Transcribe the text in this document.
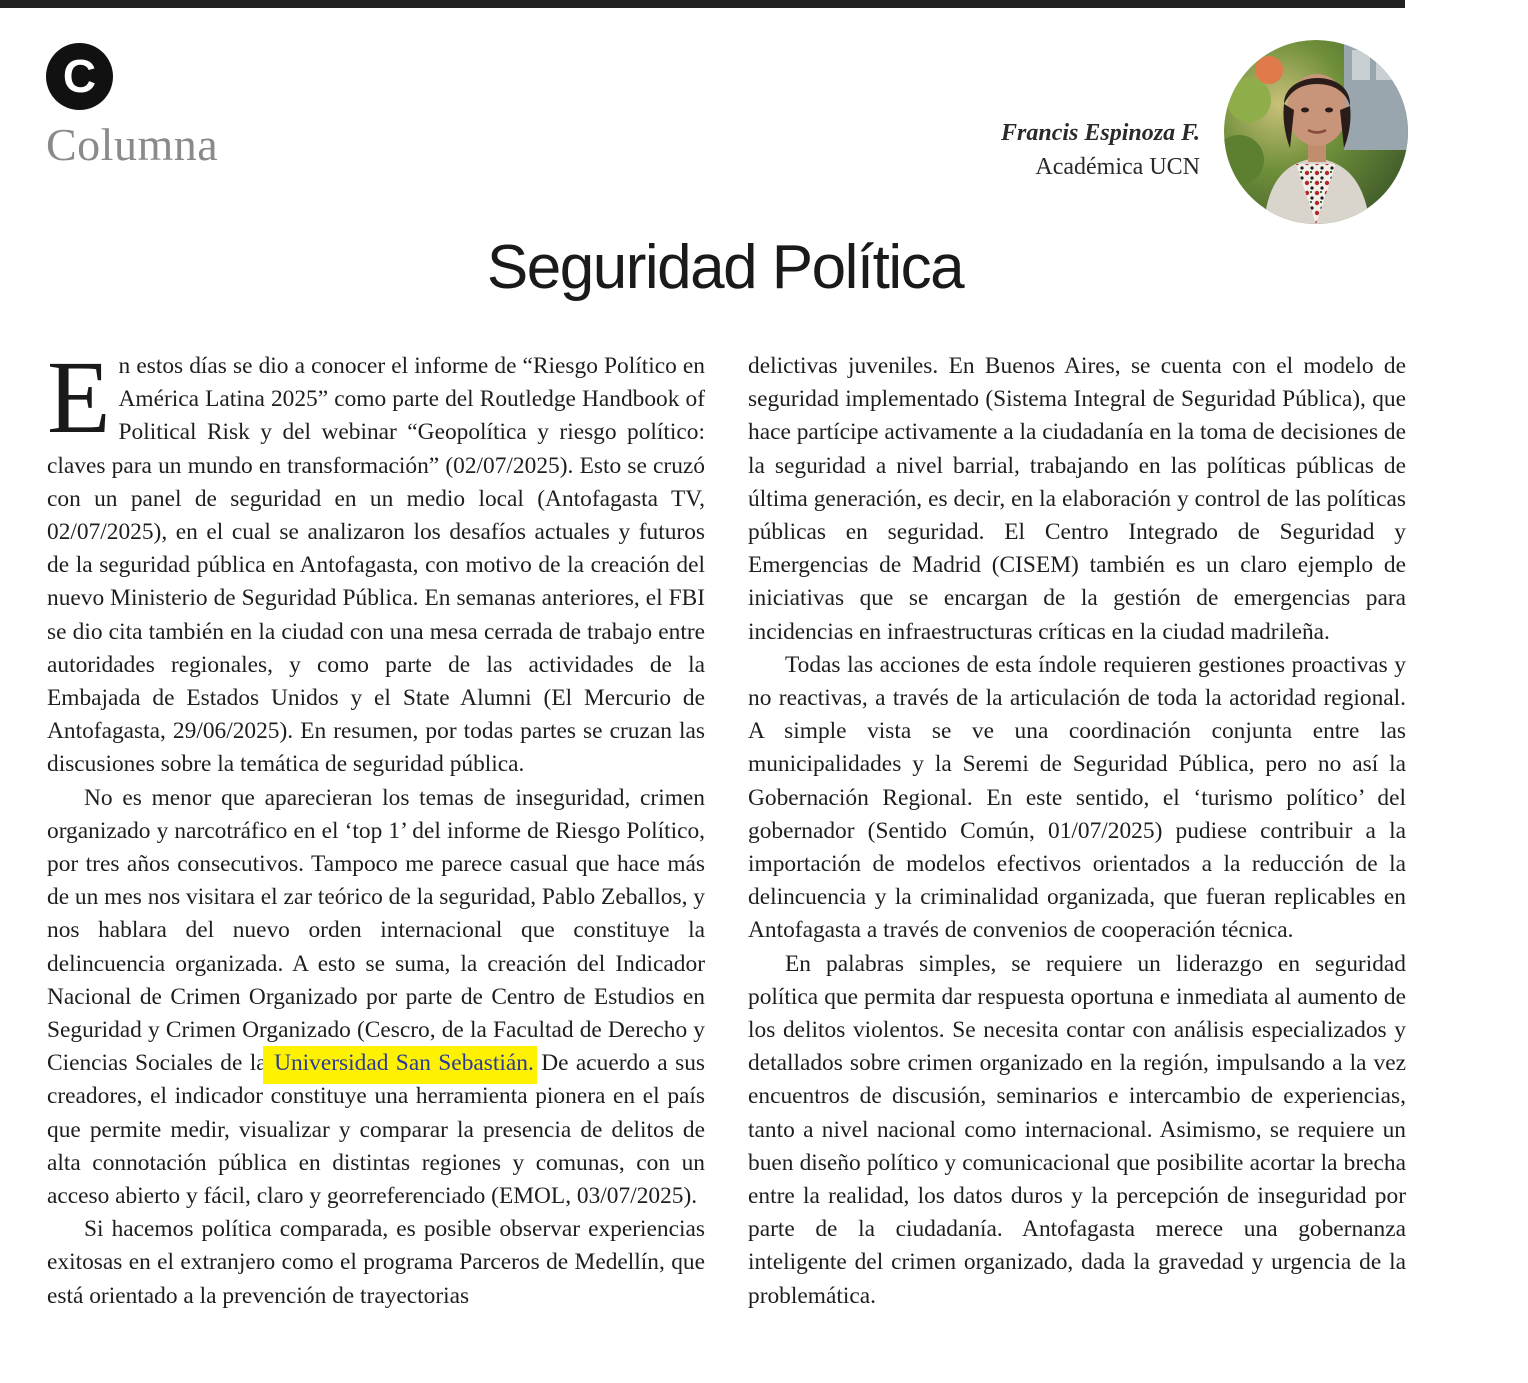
C
Columna	Francis Espinoza F.
Académica UCN
Seguridad Política

En estos días se dio a conocer el informe de “Riesgo Político en América Latina 2025” como parte del Routledge Handbook of Political Risk y del webinar “Geopolítica y riesgo político: claves para un mundo en transformación” (02/07/2025). Esto se cruzó con un panel de seguridad en un medio local (Antofagasta TV, 02/07/2025), en el cual se analizaron los desafíos actuales y futuros de la seguridad pública en Antofagasta, con motivo de la creación del nuevo Ministerio de Seguridad Pública. En semanas anteriores, el FBI se dio cita también en la ciudad con una mesa cerrada de trabajo entre autoridades regionales, y como parte de las actividades de la Embajada de Estados Unidos y el State Alumni (El Mercurio de Antofagasta, 29/06/2025). En resumen, por todas partes se cruzan las discusiones sobre la temática de seguridad pública.

No es menor que aparecieran los temas de inseguridad, crimen organizado y narcotráfico en el ‘top 1’ del informe de Riesgo Político, por tres años consecutivos. Tampoco me parece casual que hace más de un mes nos visitara el zar teórico de la seguridad, Pablo Zeballos, y nos hablara del nuevo orden internacional que constituye la delincuencia organizada. A esto se suma, la creación del Indicador Nacional de Crimen Organizado por parte de Centro de Estudios en Seguridad y Crimen Organizado (Cescro, de la Facultad de Derecho y Ciencias Sociales de la Universidad San Sebastián. De acuerdo a sus creadores, el indicador constituye una herramienta pionera en el país que permite medir, visualizar y comparar la presencia de delitos de alta connotación pública en distintas regiones y comunas, con un acceso abierto y fácil, claro y georreferenciado (EMOL, 03/07/2025).

Si hacemos política comparada, es posible observar experiencias exitosas en el extranjero como el programa Parceros de Medellín, que está orientado a la prevención de trayectorias

delictivas juveniles. En Buenos Aires, se cuenta con el modelo de seguridad implementado (Sistema Integral de Seguridad Pública), que hace partícipe activamente a la ciudadanía en la toma de decisiones de la seguridad a nivel barrial, trabajando en las políticas públicas de última generación, es decir, en la elaboración y control de las políticas públicas en seguridad. El Centro Integrado de Seguridad y Emergencias de Madrid (CISEM) también es un claro ejemplo de iniciativas que se encargan de la gestión de emergencias para incidencias en infraestructuras críticas en la ciudad madrileña.

Todas las acciones de esta índole requieren gestiones proactivas y no reactivas, a través de la articulación de toda la actoridad regional. A simple vista se ve una coordinación conjunta entre las municipalidades y la Seremi de Seguridad Pública, pero no así la Gobernación Regional. En este sentido, el ‘turismo político’ del gobernador (Sentido Común, 01/07/2025) pudiese contribuir a la importación de modelos efectivos orientados a la reducción de la delincuencia y la criminalidad organizada, que fueran replicables en Antofagasta a través de convenios de cooperación técnica.

En palabras simples, se requiere un liderazgo en seguridad política que permita dar respuesta oportuna e inmediata al aumento de los delitos violentos. Se necesita contar con análisis especializados y detallados sobre crimen organizado en la región, impulsando a la vez encuentros de discusión, seminarios e intercambio de experiencias, tanto a nivel nacional como internacional. Asimismo, se requiere un buen diseño político y comunicacional que posibilite acortar la brecha entre la realidad, los datos duros y la percepción de inseguridad por parte de la ciudadanía. Antofagasta merece una gobernanza inteligente del crimen organizado, dada la gravedad y urgencia de la problemática.
